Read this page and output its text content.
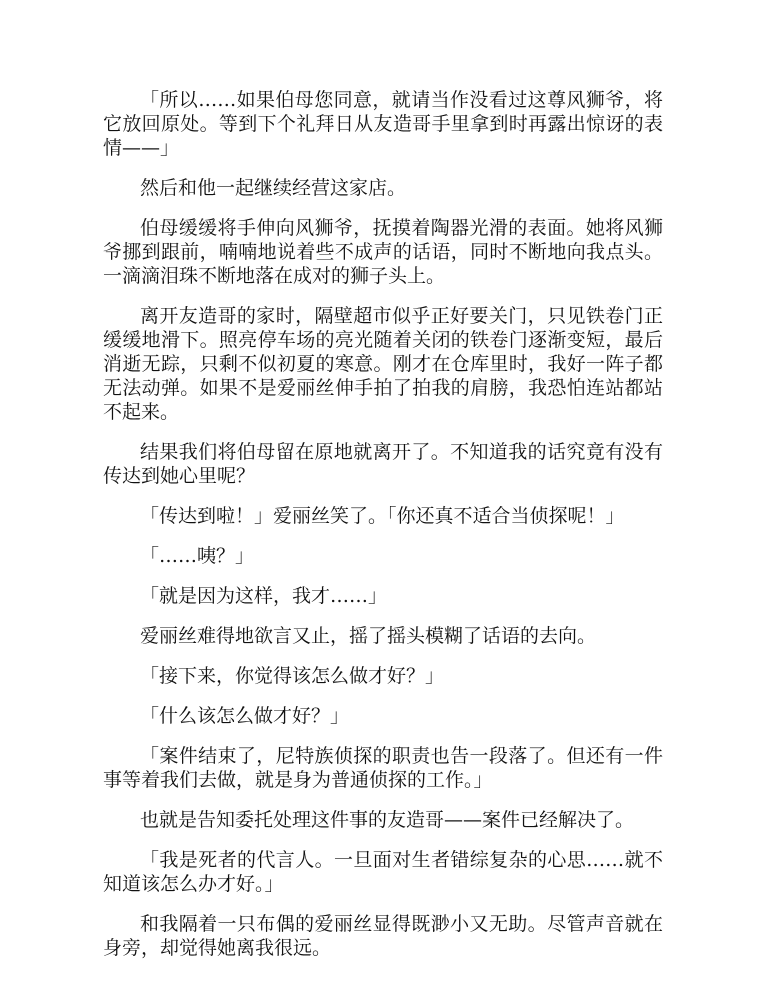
「所以……如果伯母您同意，就请当作没看过这尊风狮爷，将它放回原处。等到下个礼拜日从友造哥手里拿到时再露出惊讶的表情——」

然后和他一起继续经营这家店。

伯母缓缓将手伸向风狮爷，抚摸着陶器光滑的表面。她将风狮爷挪到跟前，喃喃地说着些不成声的话语，同时不断地向我点头。一滴滴泪珠不断地落在成对的狮子头上。

离开友造哥的家时，隔壁超市似乎正好要关门，只见铁卷门正缓缓地滑下。照亮停车场的亮光随着关闭的铁卷门逐渐变短，最后消逝无踪，只剩不似初夏的寒意。刚才在仓库里时，我好一阵子都无法动弹。如果不是爱丽丝伸手拍了拍我的肩膀，我恐怕连站都站不起来。

结果我们将伯母留在原地就离开了。不知道我的话究竟有没有传达到她心里呢？

「传达到啦！」爱丽丝笑了。「你还真不适合当侦探呢！」

「……咦？」

「就是因为这样，我才……」

爱丽丝难得地欲言又止，摇了摇头模糊了话语的去向。

「接下来，你觉得该怎么做才好？」

「什么该怎么做才好？」

「案件结束了，尼特族侦探的职责也告一段落了。但还有一件事等着我们去做，就是身为普通侦探的工作。」

也就是告知委托处理这件事的友造哥——案件已经解决了。

「我是死者的代言人。一旦面对生者错综复杂的心思……就不知道该怎么办才好。」

和我隔着一只布偶的爱丽丝显得既渺小又无助。尽管声音就在身旁，却觉得她离我很远。
